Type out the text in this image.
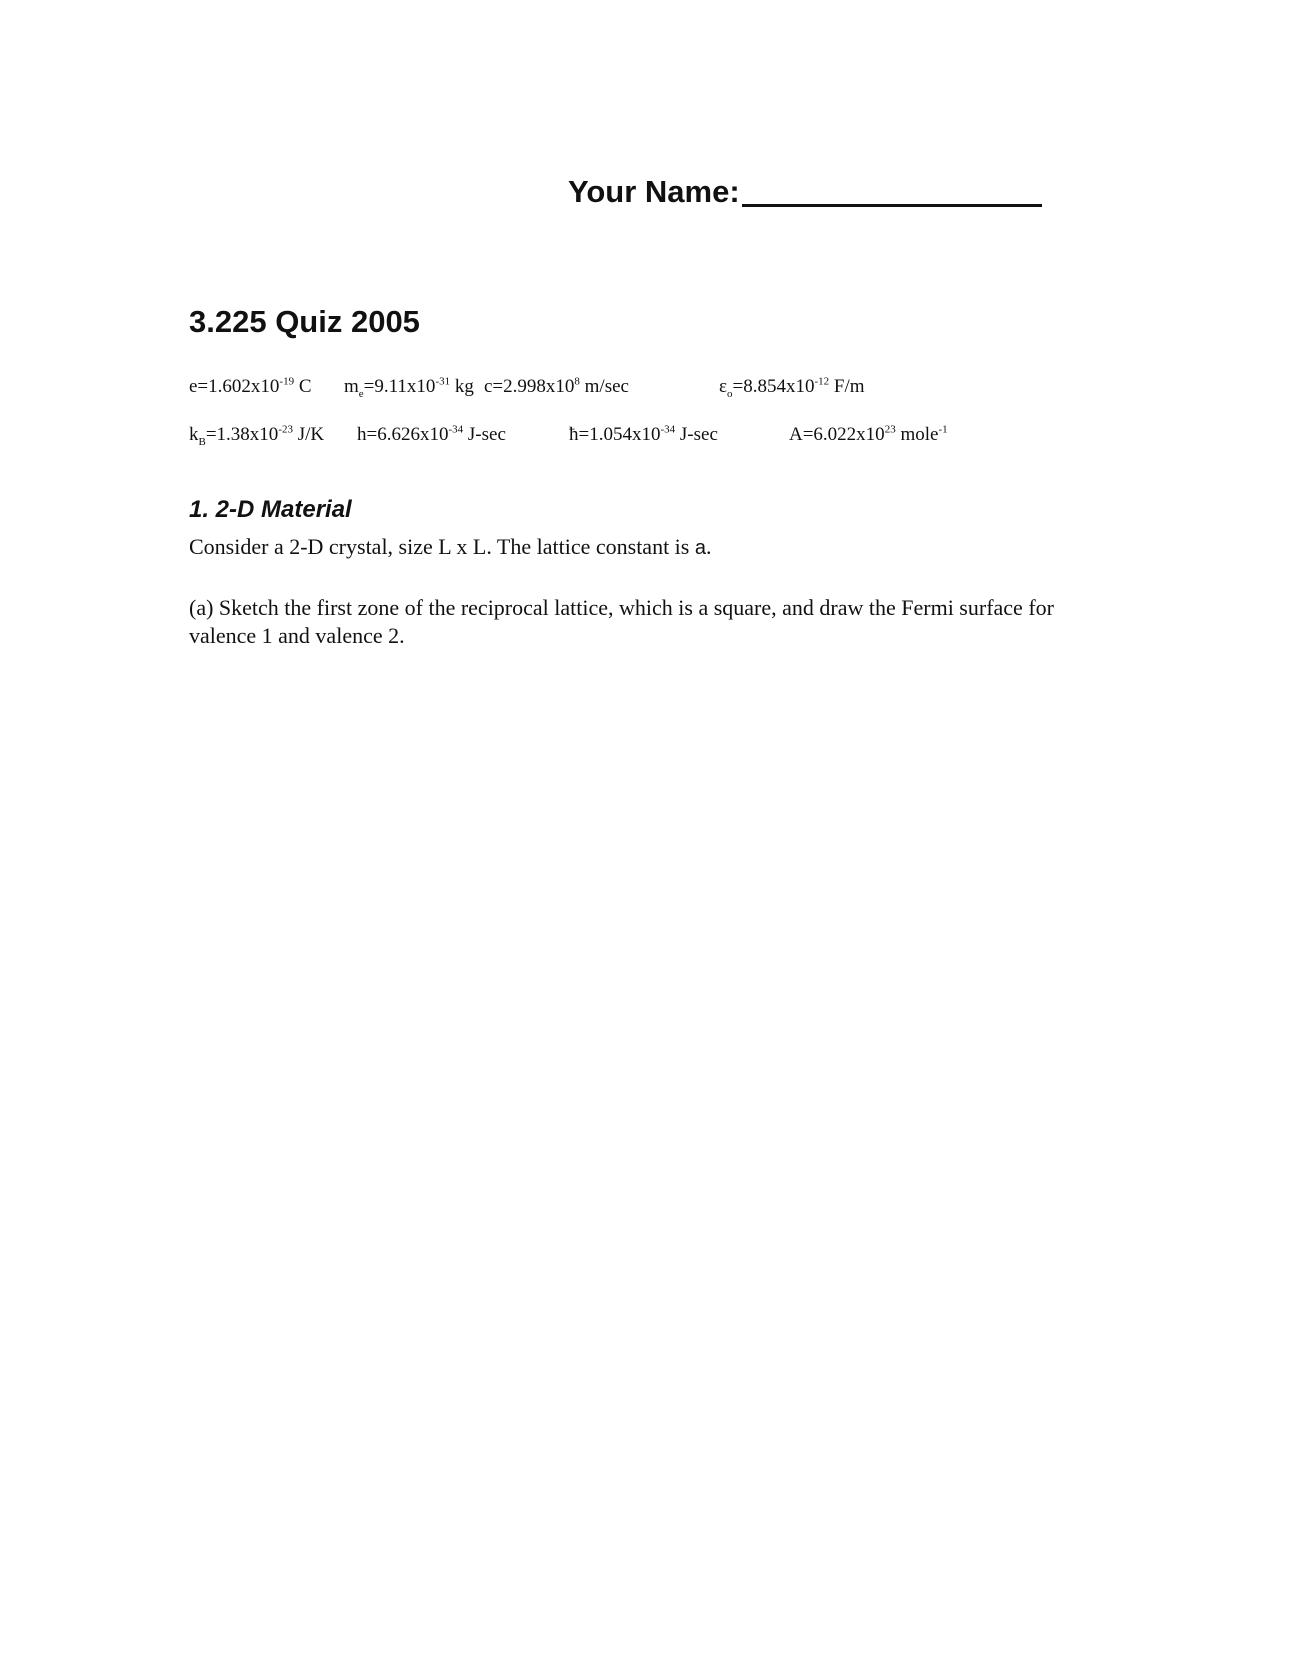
Your Name:
3.225 Quiz 2005
$e=1.602x10^{-19}$ C $m_e=9.11x10^{-31}$ kg $c=2.998x10^8$ m/sec	$\varepsilon_o=8.854x10^{-12}$ F/m
$k_B=1.38x10^{-23}$ J/K $h=6.626x10^{-34}$ J-sec	$ħ=1.054x10^{-34}$ J-sec	$A=6.022x10^{23}$ mole$^{-1}$
1. 2-D Material
Consider a 2-D crystal, size L x L. The lattice constant is a.
(a) Sketch the first zone of the reciprocal lattice, which is a square, and draw the Fermi surface for valence 1 and valence 2.
